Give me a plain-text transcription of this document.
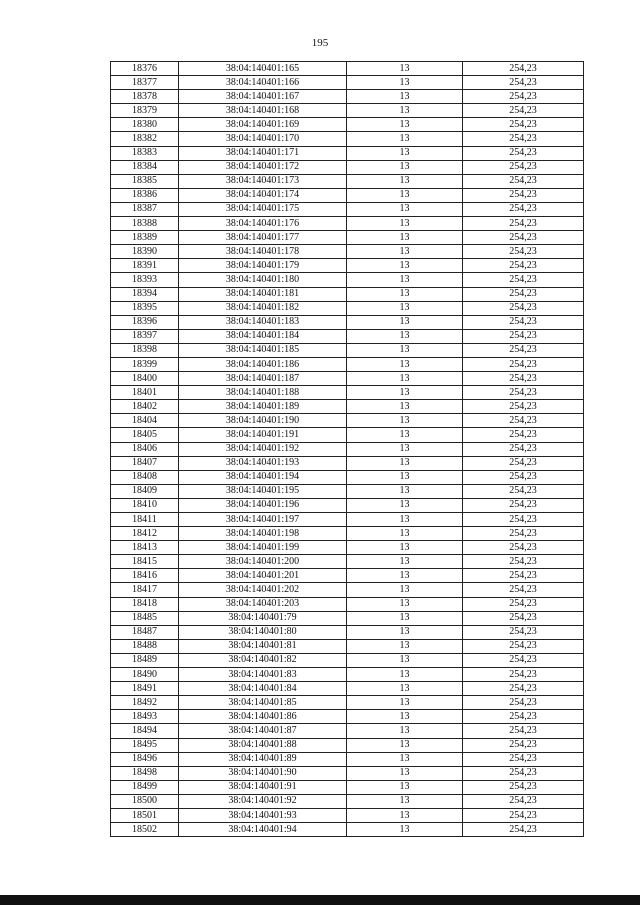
195
18376	38:04:140401:165	13	254,23
18377	38:04:140401:166	13	254,23
18378	38:04:140401:167	13	254,23
18379	38:04:140401:168	13	254,23
18380	38:04:140401:169	13	254,23
18382	38:04:140401:170	13	254,23
18383	38:04:140401:171	13	254,23
18384	38:04:140401:172	13	254,23
18385	38:04:140401:173	13	254,23
18386	38:04:140401:174	13	254,23
18387	38:04:140401:175	13	254,23
18388	38:04:140401:176	13	254,23
18389	38:04:140401:177	13	254,23
18390	38:04:140401:178	13	254,23
18391	38:04:140401:179	13	254,23
18393	38:04:140401:180	13	254,23
18394	38:04:140401:181	13	254,23
18395	38:04:140401:182	13	254,23
18396	38:04:140401:183	13	254,23
18397	38:04:140401:184	13	254,23
18398	38:04:140401:185	13	254,23
18399	38:04:140401:186	13	254,23
18400	38:04:140401:187	13	254,23
18401	38:04:140401:188	13	254,23
18402	38:04:140401:189	13	254,23
18404	38:04:140401:190	13	254,23
18405	38:04:140401:191	13	254,23
18406	38:04:140401:192	13	254,23
18407	38:04:140401:193	13	254,23
18408	38:04:140401:194	13	254,23
18409	38:04:140401:195	13	254,23
18410	38:04:140401:196	13	254,23
18411	38:04:140401:197	13	254,23
18412	38:04:140401:198	13	254,23
18413	38:04:140401:199	13	254,23
18415	38:04:140401:200	13	254,23
18416	38:04:140401:201	13	254,23
18417	38:04:140401:202	13	254,23
18418	38:04:140401:203	13	254,23
18485	38:04:140401:79	13	254,23
18487	38:04:140401:80	13	254,23
18488	38:04:140401:81	13	254,23
18489	38:04:140401:82	13	254,23
18490	38:04:140401:83	13	254,23
18491	38:04:140401:84	13	254,23
18492	38:04:140401:85	13	254,23
18493	38:04:140401:86	13	254,23
18494	38:04:140401:87	13	254,23
18495	38:04:140401:88	13	254,23
18496	38:04:140401:89	13	254,23
18498	38:04:140401:90	13	254,23
18499	38:04:140401:91	13	254,23
18500	38:04:140401:92	13	254,23
18501	38:04:140401:93	13	254,23
18502	38:04:140401:94	13	254,23
